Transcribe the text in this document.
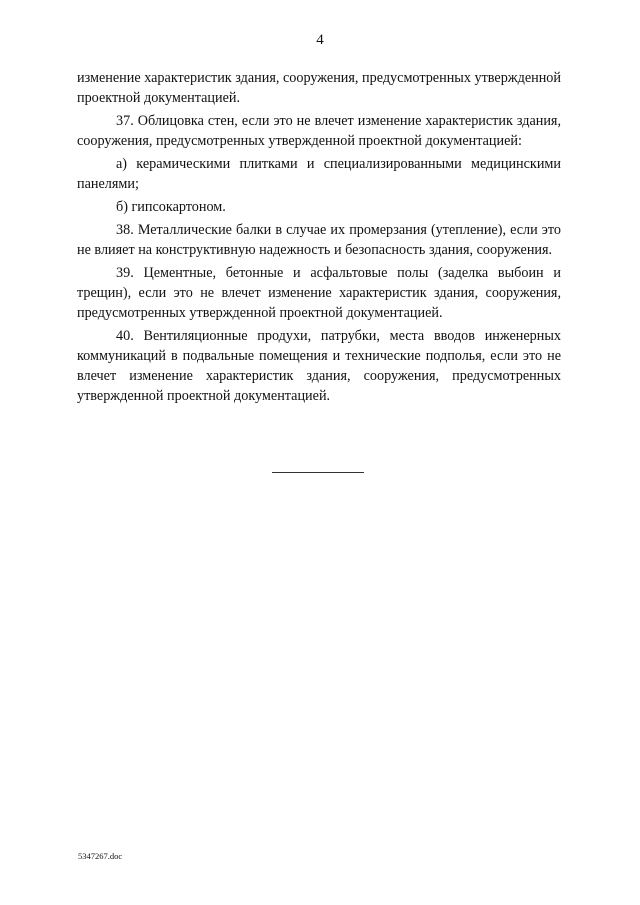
4

изменение характеристик здания, сооружения, предусмотренных утвержденной проектной документацией.

37. Облицовка стен, если это не влечет изменение характеристик здания, сооружения, предусмотренных утвержденной проектной документацией:

а) керамическими плитками и специализированными медицинскими панелями;

б) гипсокартоном.

38. Металлические балки в случае их промерзания (утепление), если это не влияет на конструктивную надежность и безопасность здания, сооружения.

39. Цементные, бетонные и асфальтовые полы (заделка выбоин и трещин), если это не влечет изменение характеристик здания, сооружения, предусмотренных утвержденной проектной документацией.

40. Вентиляционные продухи, патрубки, места вводов инженерных коммуникаций в подвальные помещения и технические подполья, если это не влечет изменение характеристик здания, сооружения, предусмотренных утвержденной проектной документацией.

5347267.doc
